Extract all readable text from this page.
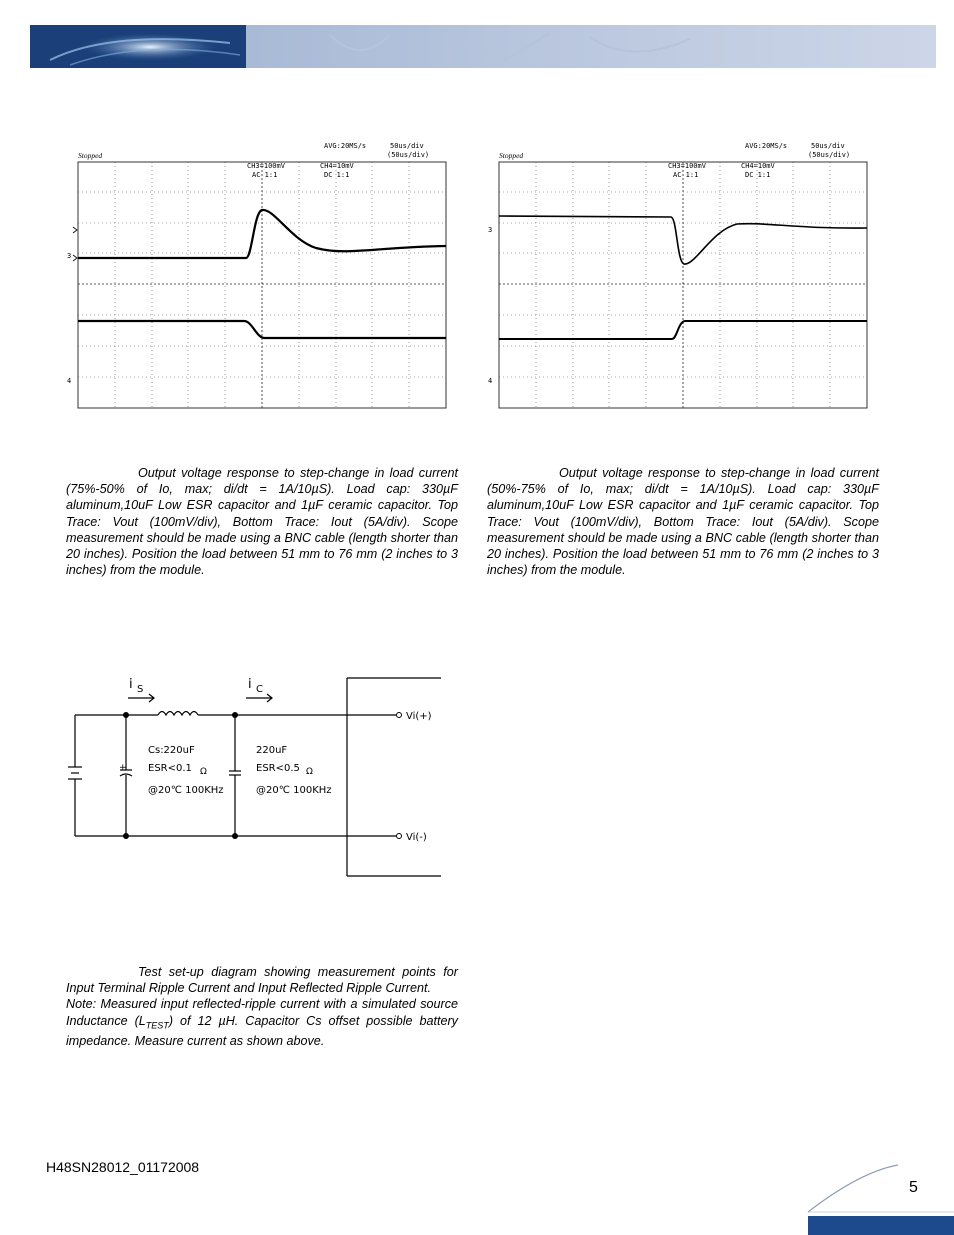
Stopped
AVG:20MS/s	50us/div
(50us/div)
CH3=100mV
AC 1:1
CH4=10mV
DC 1:1
3
4
Stopped
AVG:20MS/s	50us/div
(50us/div)
CH3=100mV
AC 1:1
CH4=10mV
DC 1:1
3
4

Output voltage response to step-change in load current (75%-50% of Io, max; di/dt = 1A/10µS). Load cap: 330µF aluminum,10uF Low ESR capacitor and 1µF ceramic capacitor. Top Trace: Vout (100mV/div), Bottom Trace: Iout (5A/div). Scope measurement should be made using a BNC cable (length shorter than 20 inches). Position the load between 51 mm to 76 mm (2 inches to 3 inches) from the module.

Output voltage response to step-change in load current (50%-75% of Io, max; di/dt = 1A/10µS). Load cap: 330µF aluminum,10uF Low ESR capacitor and 1µF ceramic capacitor. Top Trace: Vout (100mV/div), Bottom Trace: Iout (5A/div). Scope measurement should be made using a BNC cable (length shorter than 20 inches). Position the load between 51 mm to 76 mm (2 inches to 3 inches) from the module.

i S	i C
Cs:220uF
ESR<0.1 Ω
@20℃ 100KHz
220uF
ESR<0.5 Ω
@20℃ 100KHz
+
Vi(+)
Vi(-)

Test set-up diagram showing measurement points for Input Terminal Ripple Current and Input Reflected Ripple Current.

Note: Measured input reflected-ripple current with a simulated source Inductance $(L_{TEST})$ of 12 µH. Capacitor Cs offset possible battery impedance. Measure current as shown above.

H48SN28012_01172008
5
